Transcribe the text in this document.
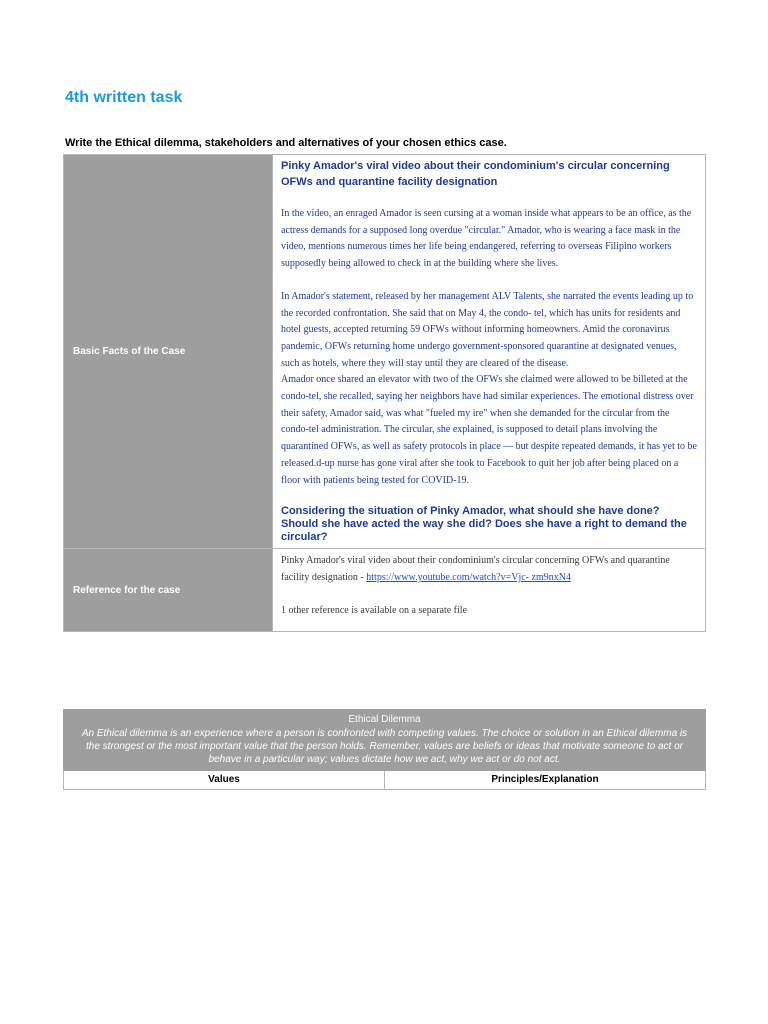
4th written task
Write the Ethical dilemma, stakeholders and alternatives of your chosen ethics case.
Basic Facts of the Case	Pinky Amador's viral video about their condominium's circular concerning OFWs and quarantine facility designation

In the video, an enraged Amador is seen cursing at a woman inside what appears to be an office, as the actress demands for a supposed long overdue "circular." Amador, who is wearing a face mask in the video, mentions numerous times her life being endangered, referring to overseas Filipino workers supposedly being allowed to check in at the building where she lives.

In Amador's statement, released by her management ALV Talents, she narrated the events leading up to the recorded confrontation. She said that on May 4, the condo- tel, which has units for residents and hotel guests, accepted returning 59 OFWs without informing homeowners. Amid the coronavirus pandemic, OFWs returning home undergo government-sponsored quarantine at designated venues, such as hotels, where they will stay until they are cleared of the disease.

Amador once shared an elevator with two of the OFWs she claimed were allowed to be billeted at the condo-tel, she recalled, saying her neighbors have had similar experiences. The emotional distress over their safety, Amador said, was what "fueled my ire" when she demanded for the circular from the condo-tel administration. The circular, she explained, is supposed to detail plans involving the quarantined OFWs, as well as safety protocols in place — but despite repeated demands, it has yet to be released.d-up nurse has gone viral after she took to Facebook to quit her job after being placed on a floor with patients being tested for COVID-19.

Considering the situation of Pinky Amador, what should she have done? Should she have acted the way she did? Does she have a right to demand the circular?

Reference for the case	Pinky Amador's viral video about their condominium's circular concerning OFWs and quarantine facility designation - https://www.youtube.com/watch?v=Vjc- zm9nxN4

1 other reference is available on a separate file

Ethical Dilemma
An Ethical dilemma is an experience where a person is confronted with competing values. The choice or solution in an Ethical dilemma is the strongest or the most important value that the person holds. Remember, values are beliefs or ideas that motivate someone to act or behave in a particular way; values dictate how we act, why we act or do not act.

Values	Principles/Explanation
